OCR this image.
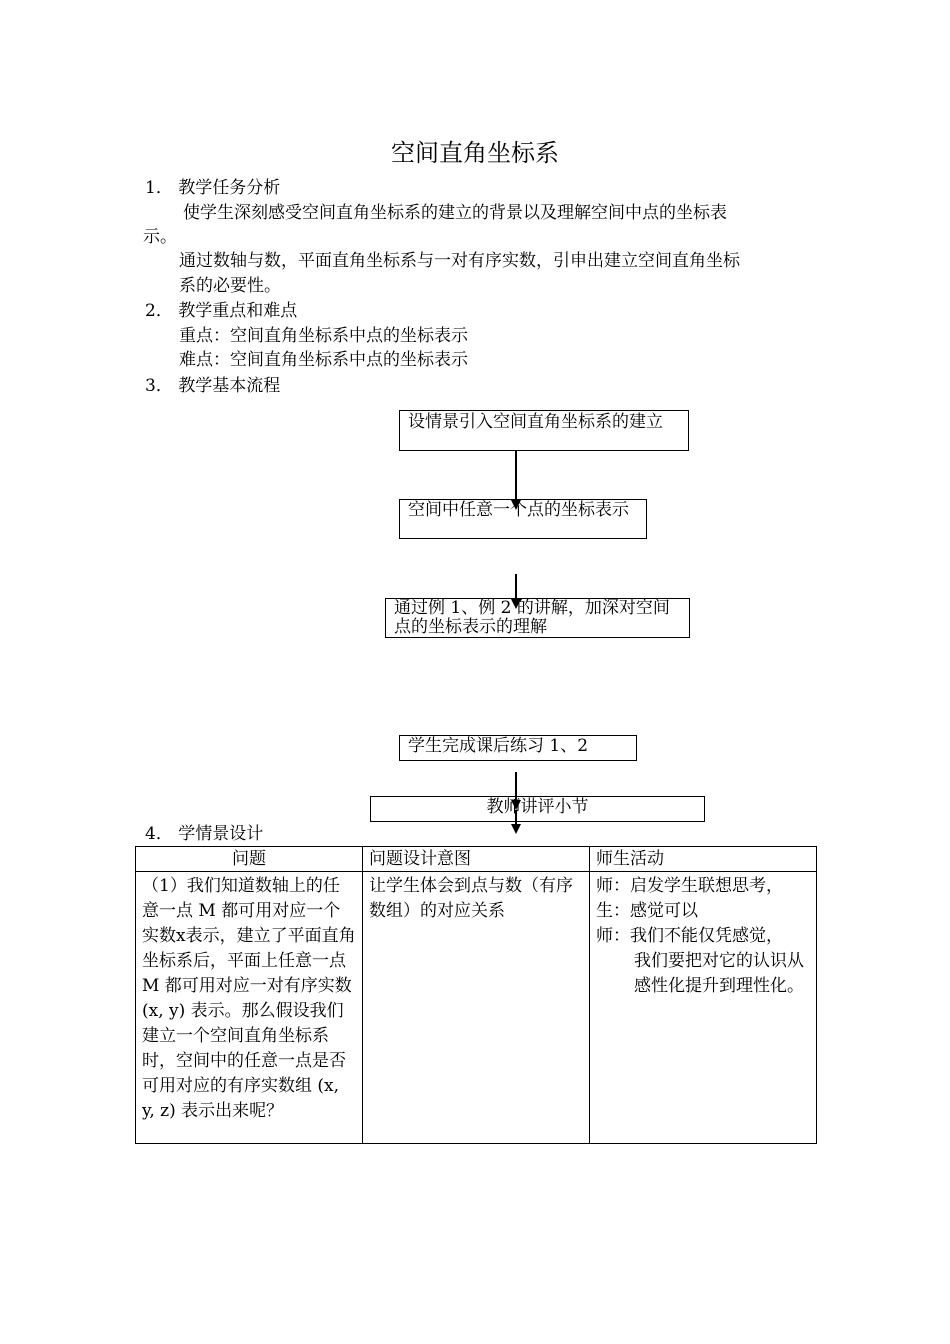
空间直角坐标系
1． 教学任务分析
使学生深刻感受空间直角坐标系的建立的背景以及理解空间中点的坐标表
示。
通过数轴与数，平面直角坐标系与一对有序实数，引申出建立空间直角坐标
系的必要性。
2． 教学重点和难点
重点：空间直角坐标系中点的坐标表示
难点：空间直角坐标系中点的坐标表示
3． 教学基本流程
设情景引入空间直角坐标系的建立
空间中任意一个点的坐标表示
通过例 1、例 2 的讲解，加深对空间点的坐标表示的理解
学生完成课后练习 1、2
教师讲评小节
4． 学情景设计
问题	问题设计意图	师生活动
（1）我们知道数轴上的任意一点 M 都可用对应一个实数x表示，建立了平面直角坐标系后，平面上任意一点 M 都可用对应一对有序实数 (x, y) 表示。那么假设我们建立一个空间直角坐标系时，空间中的任意一点是否可用对应的有序实数组 (x, y, z) 表示出来呢？	让学生体会到点与数（有序数组）的对应关系	师：启发学生联想思考，
生：感觉可以
师：我们不能仅凭感觉，
我们要把对它的认识从感性化提升到理性化。
